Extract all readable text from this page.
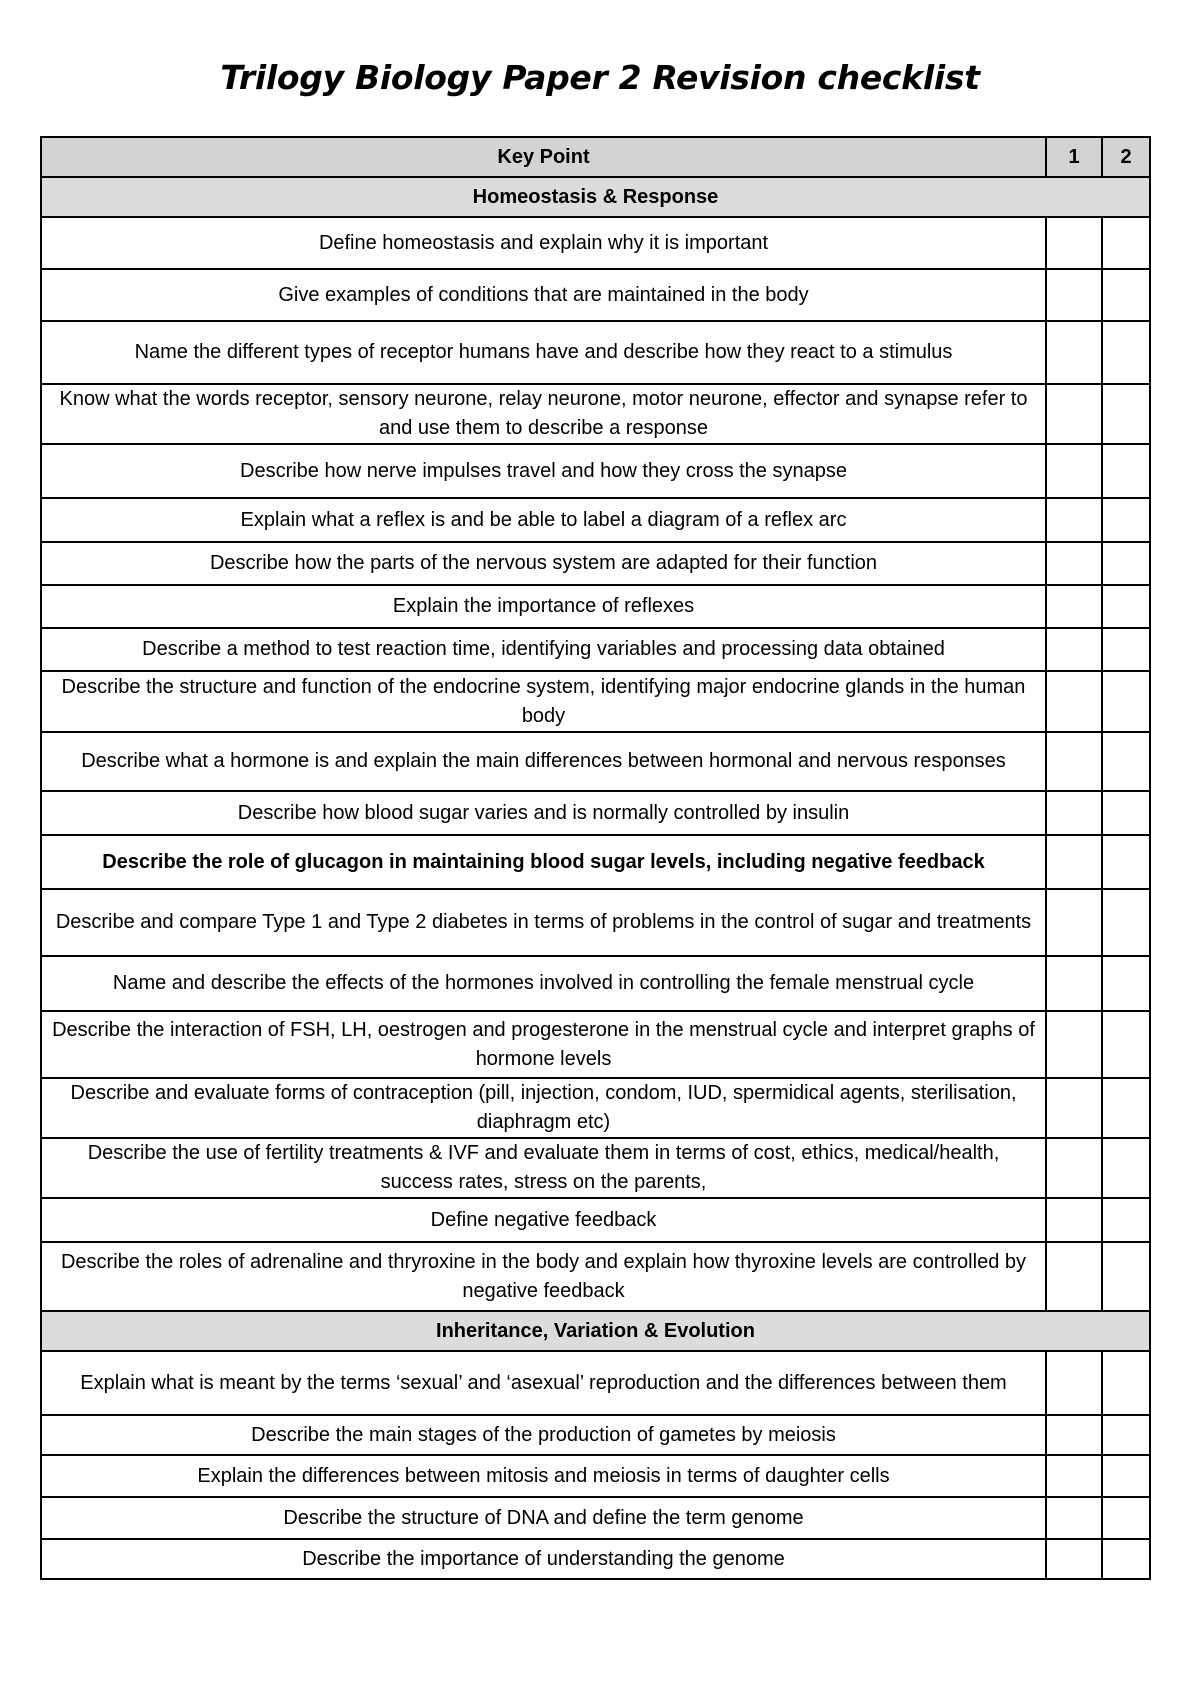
Trilogy Biology Paper 2 Revision checklist
Key Point	1	2
Homeostasis & Response		
Define homeostasis and explain why it is important		
Give examples of conditions that are maintained in the body		
Name the different types of receptor humans have and describe how they react to a stimulus		
Know what the words receptor, sensory neurone, relay neurone, motor neurone, effector and synapse refer to and use them to describe a response		
Describe how nerve impulses travel and how they cross the synapse		
Explain what a reflex is and be able to label a diagram of a reflex arc		
Describe how the parts of the nervous system are adapted for their function		
Explain the importance of reflexes		
Describe a method to test reaction time, identifying variables and processing data obtained		
Describe the structure and function of the endocrine system, identifying major endocrine glands in the human body		
Describe what a hormone is and explain the main differences between hormonal and nervous responses		
Describe how blood sugar varies and is normally controlled by insulin		
Describe the role of glucagon in maintaining blood sugar levels, including negative feedback		
Describe and compare Type 1 and Type 2 diabetes in terms of problems in the control of sugar and treatments		
Name and describe the effects of the hormones involved in controlling the female menstrual cycle		
Describe the interaction of FSH, LH, oestrogen and progesterone in the menstrual cycle and interpret graphs of hormone levels		
Describe and evaluate forms of contraception (pill, injection, condom, IUD, spermidical agents, sterilisation, diaphragm etc)		
Describe the use of fertility treatments & IVF and evaluate them in terms of cost, ethics, medical/health, success rates, stress on the parents,		
Define negative feedback		
Describe the roles of adrenaline and thryroxine in the body and explain how thyroxine levels are controlled by negative feedback		
Inheritance, Variation & Evolution		
Explain what is meant by the terms ‘sexual’ and ‘asexual’ reproduction and the differences between them		
Describe the main stages of the production of gametes by meiosis		
Explain the differences between mitosis and meiosis in terms of daughter cells		
Describe the structure of DNA and define the term genome		
Describe the importance of understanding the genome		
